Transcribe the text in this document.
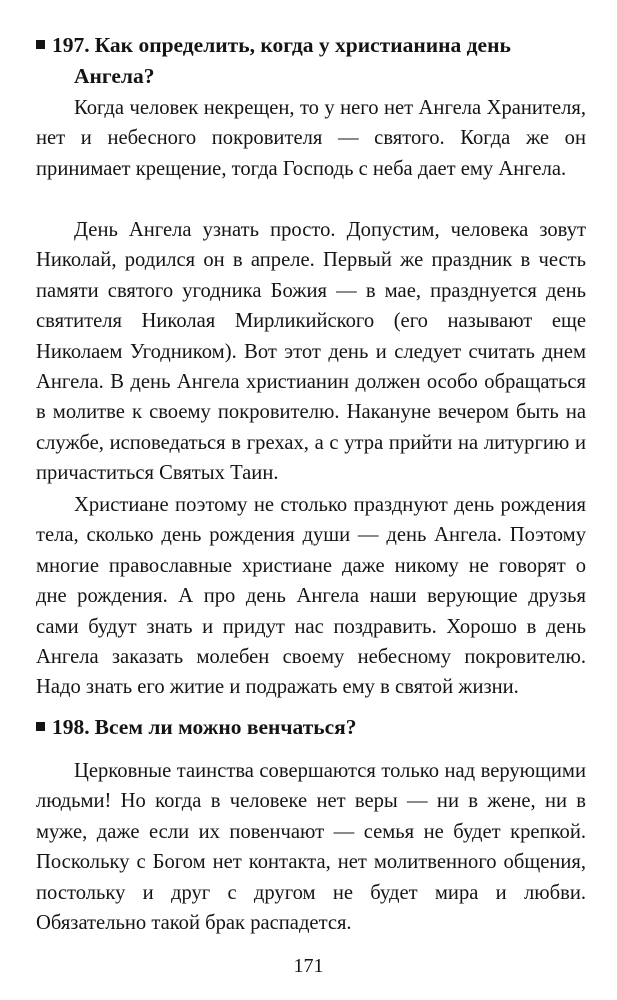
197. Как определить, когда у христианина день
Ангела?

Когда человек некрещен, то у него нет Ангела Хранителя, нет и небесного покровителя — святого. Когда же он принимает крещение, тогда Господь с неба дает ему Ангела.

День Ангела узнать просто. Допустим, человека зовут Николай, родился он в апреле. Первый же праздник в честь памяти святого угодника Божия — в мае, празднуется день святителя Николая Мирликийского (его называют еще Николаем Угодником). Вот этот день и следует считать днем Ангела. В день Ангела христианин должен особо обращаться в молитве к своему покровителю. Накануне вечером быть на службе, исповедаться в грехах, а с утра прийти на литургию и причаститься Святых Таин.

Христиане поэтому не столько празднуют день рождения тела, сколько день рождения души — день Ангела. Поэтому многие православные христиане даже никому не говорят о дне рождения. А про день Ангела наши верующие друзья сами будут знать и придут нас поздравить. Хорошо в день Ангела заказать молебен своему небесному покровителю. Надо знать его житие и подражать ему в святой жизни.

198. Всем ли можно венчаться?

Церковные таинства совершаются только над верующими людьми! Но когда в человеке нет веры — ни в жене, ни в муже, даже если их повенчают — семья не будет крепкой. Поскольку с Богом нет контакта, нет молитвенного общения, постольку и друг с другом не будет мира и любви. Обязательно такой брак распадется.

171
